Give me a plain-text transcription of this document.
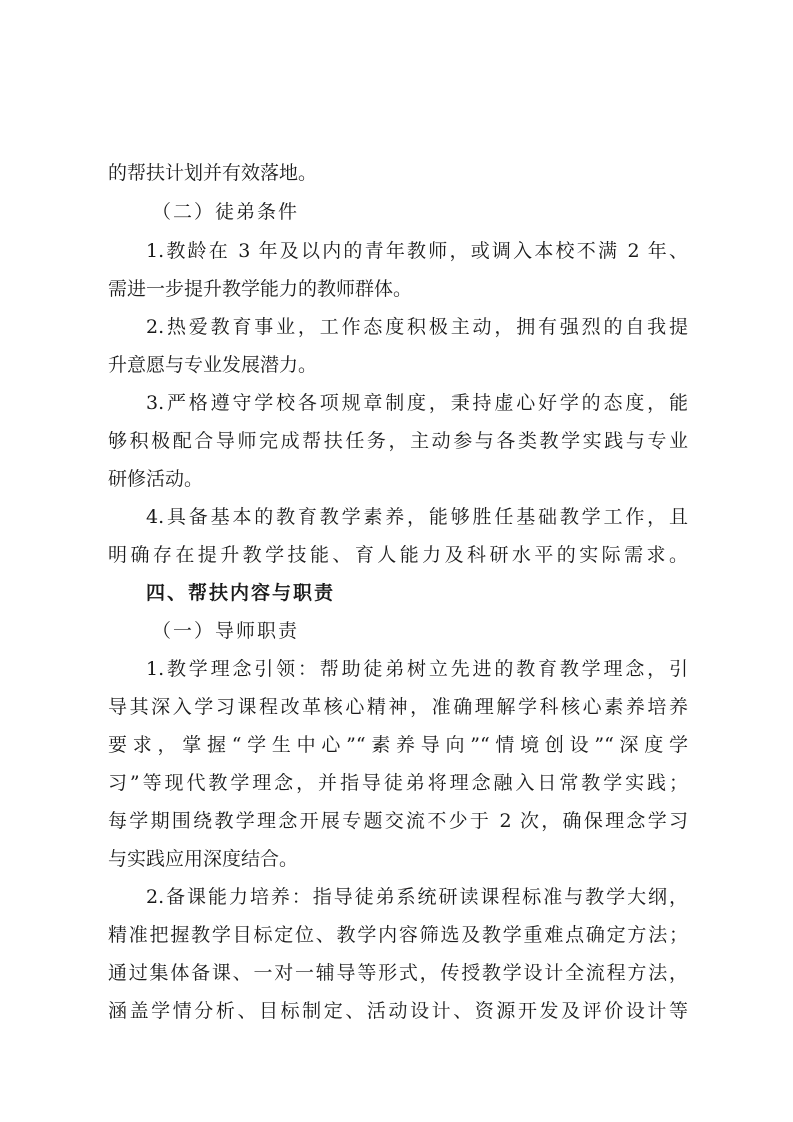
的帮扶计划并有效落地。
（二）徒弟条件
1.教龄在 3 年及以内的青年教师，或调入本校不满 2 年、
需进一步提升教学能力的教师群体。
2.热爱教育事业，工作态度积极主动，拥有强烈的自我提
升意愿与专业发展潜力。
3.严格遵守学校各项规章制度，秉持虚心好学的态度，能
够积极配合导师完成帮扶任务，主动参与各类教学实践与专业
研修活动。
4.具备基本的教育教学素养，能够胜任基础教学工作，且
明确存在提升教学技能、育人能力及科研水平的实际需求。
四、帮扶内容与职责
（一）导师职责
1.教学理念引领：帮助徒弟树立先进的教育教学理念，引
导其深入学习课程改革核心精神，准确理解学科核心素养培养
要求，掌握“学生中心”“素养导向”“情境创设”“深度学
习”等现代教学理念，并指导徒弟将理念融入日常教学实践；
每学期围绕教学理念开展专题交流不少于 2 次，确保理念学习
与实践应用深度结合。
2.备课能力培养：指导徒弟系统研读课程标准与教学大纲，
精准把握教学目标定位、教学内容筛选及教学重难点确定方法；
通过集体备课、一对一辅导等形式，传授教学设计全流程方法，
涵盖学情分析、目标制定、活动设计、资源开发及评价设计等
